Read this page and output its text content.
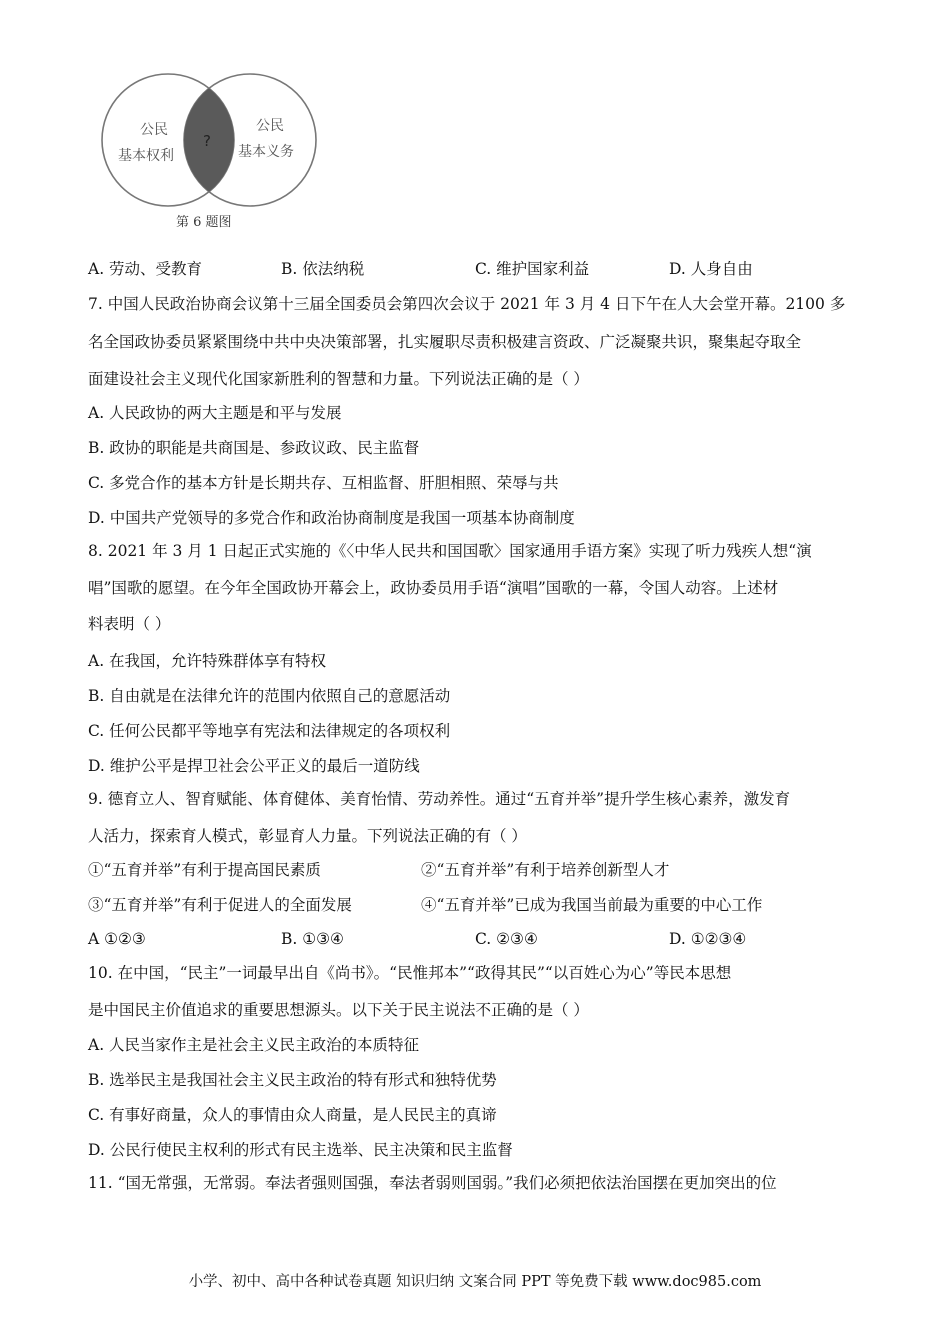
公民
基本权利
?
公民
基本义务
第 6 题图
A. 劳动、受教育	B. 依法纳税	C. 维护国家利益	D. 人身自由
7. 中国人民政治协商会议第十三届全国委员会第四次会议于 2021 年 3 月 4 日下午在人大会堂开幕。2100 多
名全国政协委员紧紧围绕中共中央决策部署，扎实履职尽责积极建言资政、广泛凝聚共识，聚集起夺取全
面建设社会主义现代化国家新胜利的智慧和力量。下列说法正确的是（ ）
A. 人民政协的两大主题是和平与发展
B. 政协的职能是共商国是、参政议政、民主监督
C. 多党合作的基本方针是长期共存、互相监督、肝胆相照、荣辱与共
D. 中国共产党领导的多党合作和政治协商制度是我国一项基本协商制度
8. 2021 年 3 月 1 日起正式实施的《〈中华人民共和国国歌〉国家通用手语方案》实现了听力残疾人想“演
唱”国歌的愿望。在今年全国政协开幕会上，政协委员用手语“演唱”国歌的一幕，令国人动容。上述材
料表明（ ）
A. 在我国，允许特殊群体享有特权
B. 自由就是在法律允许的范围内依照自己的意愿活动
C. 任何公民都平等地享有宪法和法律规定的各项权利
D. 维护公平是捍卫社会公平正义的最后一道防线
9. 德育立人、智育赋能、体育健体、美育怡情、劳动养性。通过“五育并举”提升学生核心素养，激发育
人活力，探索育人模式，彰显育人力量。下列说法正确的有（ ）
①“五育并举”有利于提高国民素质	②“五育并举”有利于培养创新型人才
③“五育并举”有利于促进人的全面发展	④“五育并举”已成为我国当前最为重要的中心工作
A ①②③	B. ①③④	C. ②③④	D. ①②③④
10. 在中国，“民主”一词最早出自《尚书》。“民惟邦本”“政得其民”“以百姓心为心”等民本思想
是中国民主价值追求的重要思想源头。以下关于民主说法不正确的是（ ）
A. 人民当家作主是社会主义民主政治的本质特征
B. 选举民主是我国社会主义民主政治的特有形式和独特优势
C. 有事好商量，众人的事情由众人商量，是人民民主的真谛
D. 公民行使民主权利的形式有民主选举、民主决策和民主监督
11. “国无常强，无常弱。奉法者强则国强，奉法者弱则国弱。”我们必须把依法治国摆在更加突出的位
小学、初中、高中各种试卷真题 知识归纳 文案合同 PPT 等免费下载 www.doc985.com
